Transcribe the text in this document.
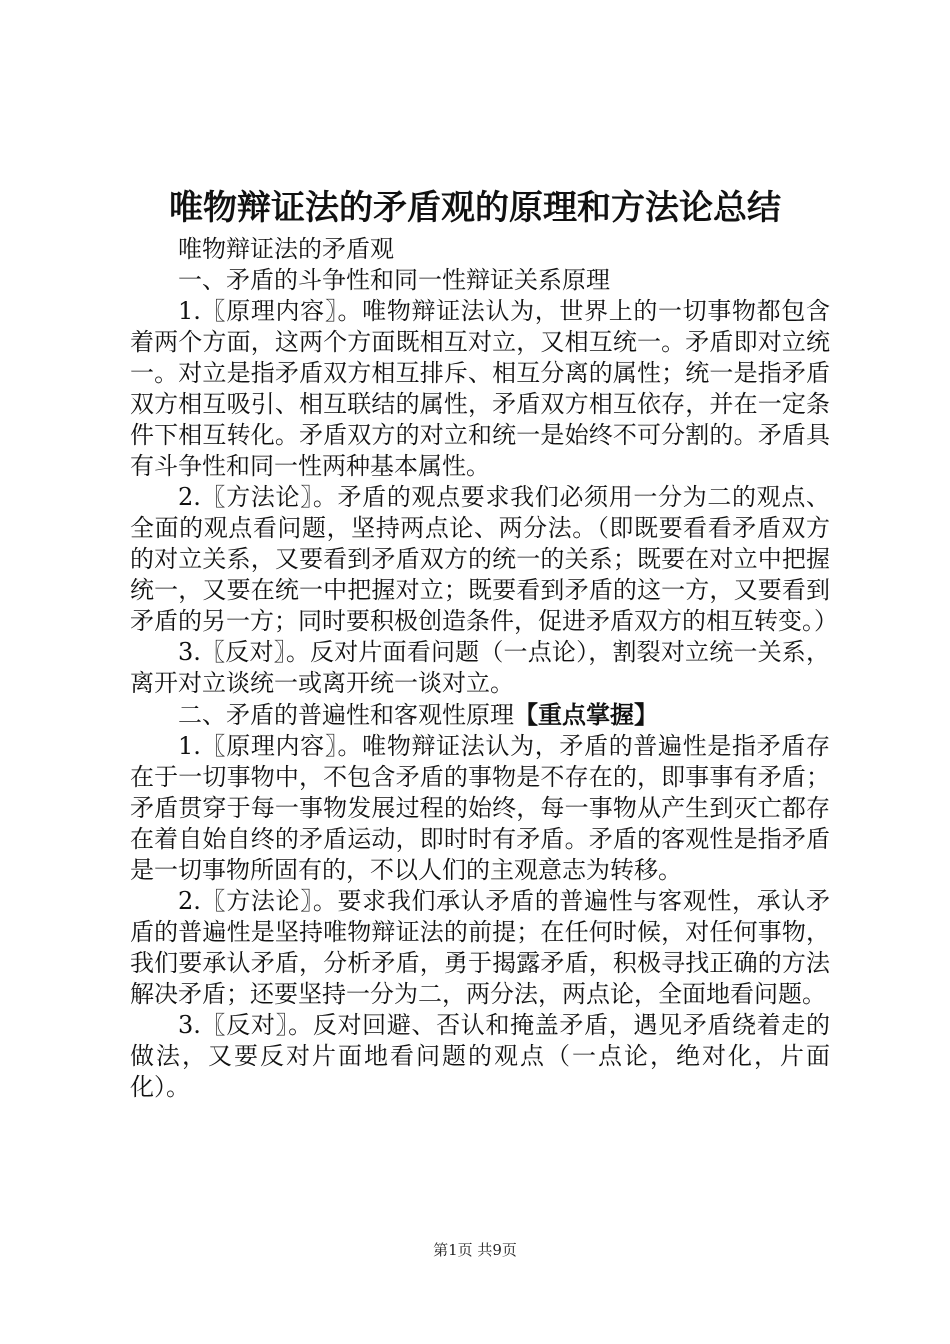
唯物辩证法的矛盾观的原理和方法论总结

唯物辩证法的矛盾观

一、矛盾的斗争性和同一性辩证关系原理

1.〖原理内容〗。唯物辩证法认为，世界上的一切事物都包含着两个方面，这两个方面既相互对立，又相互统一。矛盾即对立统一。对立是指矛盾双方相互排斥、相互分离的属性；统一是指矛盾双方相互吸引、相互联结的属性，矛盾双方相互依存，并在一定条件下相互转化。矛盾双方的对立和统一是始终不可分割的。矛盾具有斗争性和同一性两种基本属性。

2.〖方法论〗。矛盾的观点要求我们必须用一分为二的观点、全面的观点看问题，坚持两点论、两分法。（即既要看看矛盾双方的对立关系，又要看到矛盾双方的统一的关系；既要在对立中把握统一，又要在统一中把握对立；既要看到矛盾的这一方，又要看到矛盾的另一方；同时要积极创造条件，促进矛盾双方的相互转变。）

3.〖反对〗。反对片面看问题（一点论），割裂对立统一关系，离开对立谈统一或离开统一谈对立。

二、矛盾的普遍性和客观性原理【重点掌握】

1.〖原理内容〗。唯物辩证法认为，矛盾的普遍性是指矛盾存在于一切事物中，不包含矛盾的事物是不存在的，即事事有矛盾；矛盾贯穿于每一事物发展过程的始终，每一事物从产生到灭亡都存在着自始自终的矛盾运动，即时时有矛盾。矛盾的客观性是指矛盾是一切事物所固有的，不以人们的主观意志为转移。

2.〖方法论〗。要求我们承认矛盾的普遍性与客观性，承认矛盾的普遍性是坚持唯物辩证法的前提；在任何时候，对任何事物，我们要承认矛盾，分析矛盾，勇于揭露矛盾，积极寻找正确的方法解决矛盾；还要坚持一分为二，两分法，两点论，全面地看问题。

3.〖反对〗。反对回避、否认和掩盖矛盾，遇见矛盾绕着走的做法，又要反对片面地看问题的观点（一点论，绝对化，片面化）。

第1页 共9页
